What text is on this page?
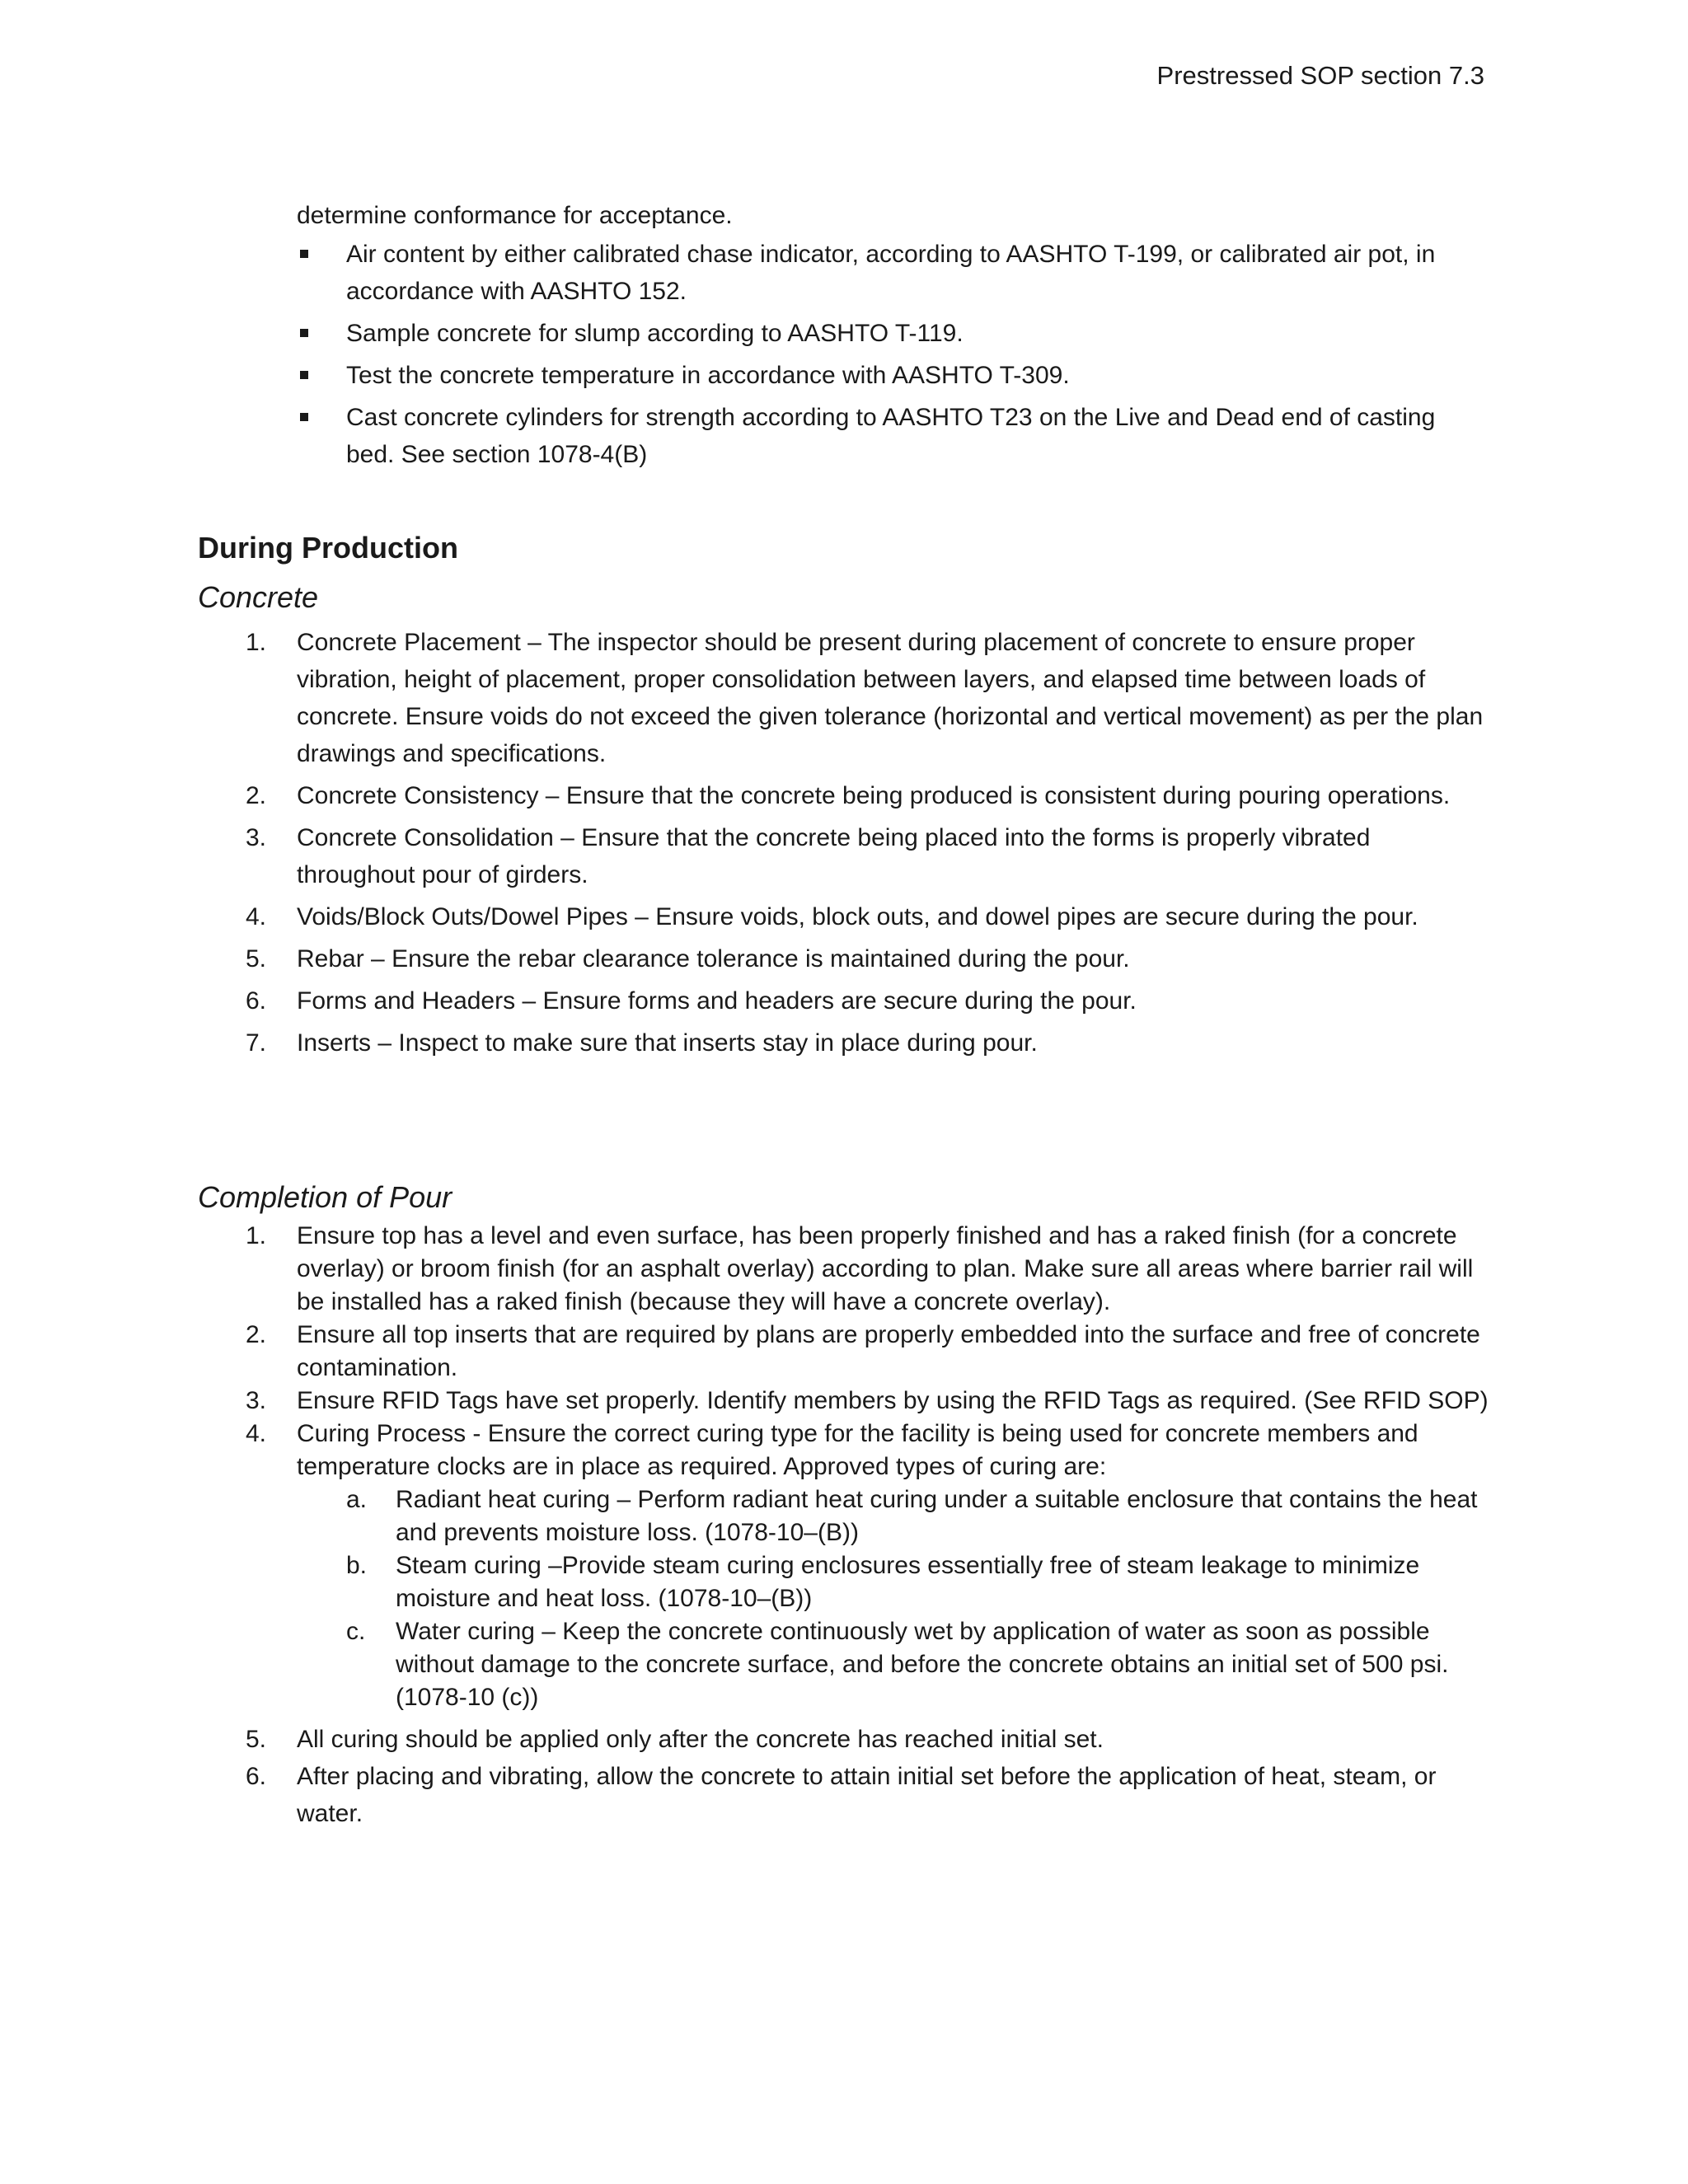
Prestressed SOP section 7.3
determine conformance for acceptance.
Air content by either calibrated chase indicator, according to AASHTO T-199, or calibrated air pot, in accordance with AASHTO 152.
Sample concrete for slump according to AASHTO T-119.
Test the concrete temperature in accordance with AASHTO T-309.
Cast concrete cylinders for strength according to AASHTO T23 on the Live and Dead end of casting bed. See section 1078-4(B)
During Production
Concrete
1. Concrete Placement – The inspector should be present during placement of concrete to ensure proper vibration, height of placement, proper consolidation between layers, and elapsed time between loads of concrete. Ensure voids do not exceed the given tolerance (horizontal and vertical movement) as per the plan drawings and specifications.
2. Concrete Consistency – Ensure that the concrete being produced is consistent during pouring operations.
3. Concrete Consolidation – Ensure that the concrete being placed into the forms is properly vibrated throughout pour of girders.
4. Voids/Block Outs/Dowel Pipes – Ensure voids, block outs, and dowel pipes are secure during the pour.
5. Rebar – Ensure the rebar clearance tolerance is maintained during the pour.
6. Forms and Headers – Ensure forms and headers are secure during the pour.
7. Inserts – Inspect to make sure that inserts stay in place during pour.
Completion of Pour
1. Ensure top has a level and even surface, has been properly finished and has a raked finish (for a concrete overlay) or broom finish (for an asphalt overlay) according to plan. Make sure all areas where barrier rail will be installed has a raked finish (because they will have a concrete overlay).
2. Ensure all top inserts that are required by plans are properly embedded into the surface and free of concrete contamination.
3. Ensure RFID Tags have set properly. Identify members by using the RFID Tags as required. (See RFID SOP)
4. Curing Process - Ensure the correct curing type for the facility is being used for concrete members and temperature clocks are in place as required. Approved types of curing are:
a. Radiant heat curing – Perform radiant heat curing under a suitable enclosure that contains the heat and prevents moisture loss. (1078-10–(B))
b. Steam curing –Provide steam curing enclosures essentially free of steam leakage to minimize moisture and heat loss. (1078-10–(B))
c. Water curing – Keep the concrete continuously wet by application of water as soon as possible without damage to the concrete surface, and before the concrete obtains an initial set of 500 psi. (1078-10 (c))
5. All curing should be applied only after the concrete has reached initial set.
6. After placing and vibrating, allow the concrete to attain initial set before the application of heat, steam, or water.
